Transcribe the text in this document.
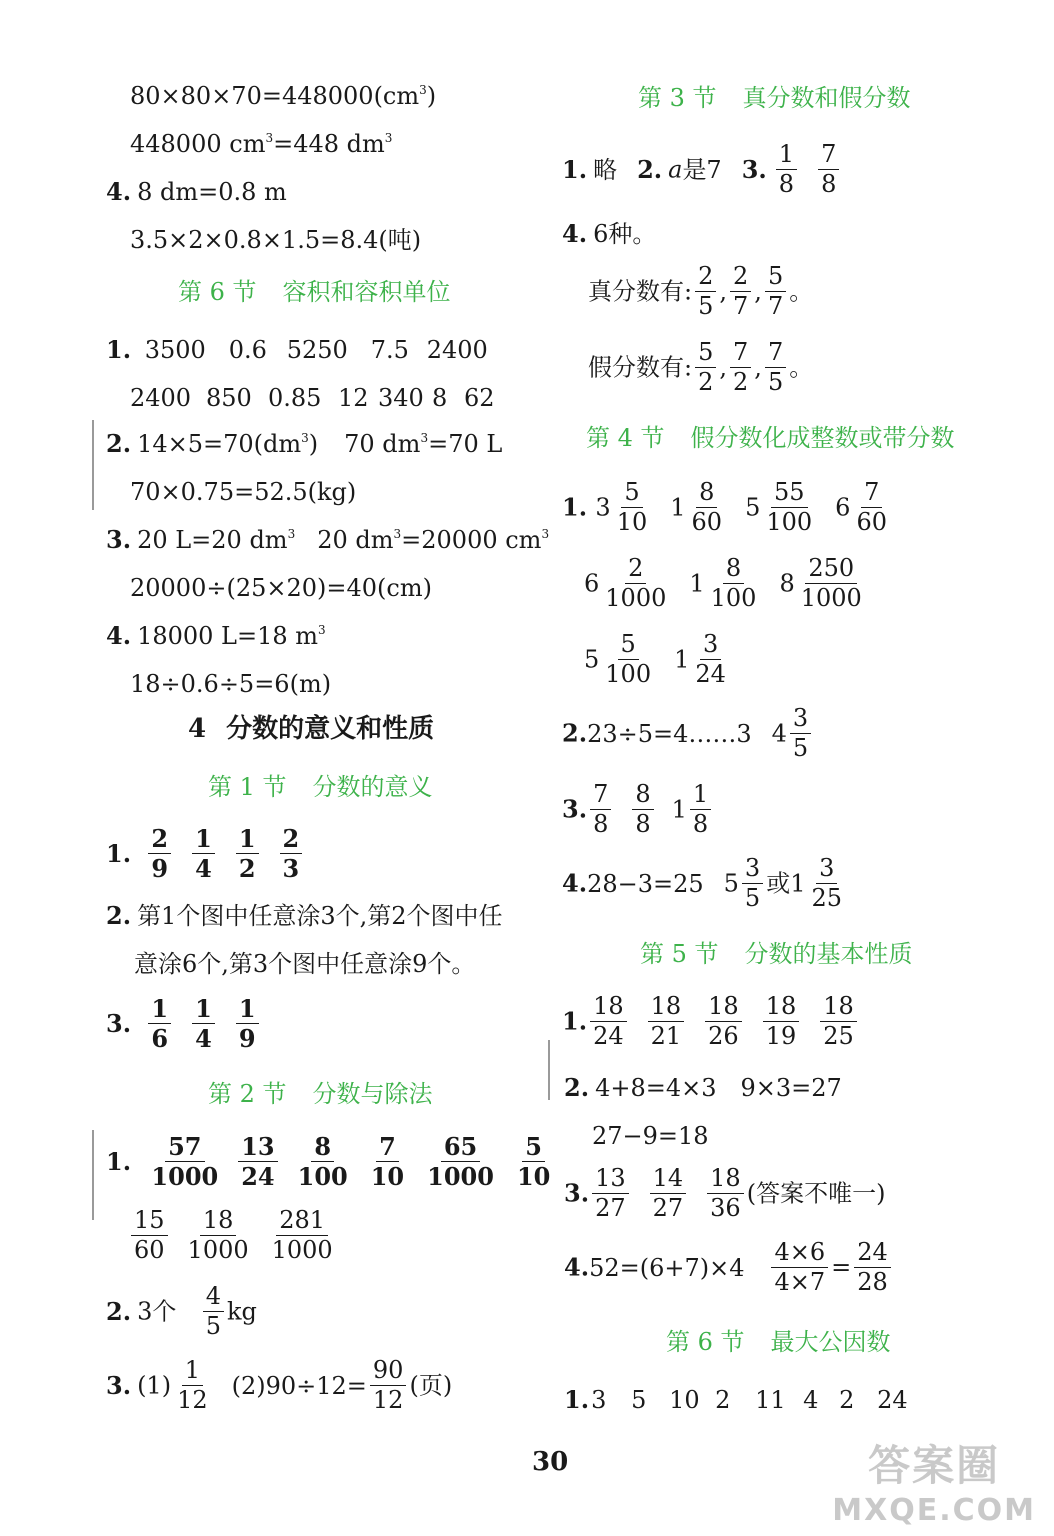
$80\times 80\times 70=448000(cm^3)$
448000 $cm^3=448$ $dm^3$
4. 8 dm=0.8 m
3.5×2×0.8×1.5=8.4(吨)
第 6 节 容积和容积单位
1. 3500 0.6 5250 7.5 2400
2400 850 0.85 12 340 8 62
2. $14\times 5=70(dm^3)$ 70 $dm^3=70$ L
70×0.75=52.5(kg)
3. 20 L=20 $dm^3$ 20 $dm^3=20000$ $cm^3$
20000÷(25×20)=40(cm)
4. 18000 L=18 $m^3$
18÷0.6÷5=6(m)
4 分数的意义和性质
第 1 节 分数的意义
1. $\frac{2}{9} \frac{1}{4} \frac{1}{2} \frac{2}{3}$
2. 第1个图中任意涂3个,第2个图中任
意涂6个,第3个图中任意涂9个。
3. $\frac{1}{6} \frac{1}{4} \frac{1}{9}$
第 2 节 分数与除法
1. $\frac{57}{1000} \frac{13}{24} \frac{8}{100} \frac{7}{10} \frac{65}{1000} \frac{5}{10}$
$\frac{15}{60} \frac{18}{1000} \frac{281}{1000}$
2. 3个 $\frac{4}{5}$ kg
3. $(1) \frac{1}{12} (2)90\div 12= \frac{90}{12}$ (页)
第 3 节 真分数和假分数
1. 略 2. a是7 3. $\frac{1}{8} \frac{7}{8}$
4. 6种。
真分数有: $\frac{2}{5}$ , $\frac{2}{7}$ , $\frac{5}{7}$ 。
假分数有: $\frac{5}{2}$ , $\frac{7}{2}$ , $\frac{7}{5}$ 。
第 4 节 假分数化成整数或带分数
1. $3 \frac{5}{10} 1 \frac{8}{60} 5 \frac{55}{100} 6 \frac{7}{60}$
$6 \frac{2}{1000} 1 \frac{8}{100} 8 \frac{250}{1000}$
$5 \frac{5}{100} 1 \frac{3}{24}$
2.23÷5=4……3 $4 \frac{3}{5}$
3. $\frac{7}{8} \frac{8}{8} 1 \frac{1}{8}$
4.28−3=25 $5 \frac{3}{5}$ 或$1 \frac{3}{25}$
第 5 节 分数的基本性质
1. $\frac{18}{24} \frac{18}{21} \frac{18}{26} \frac{18}{19} \frac{18}{25}$
2. 4+8=4×3 9×3=27
27−9=18
3. $\frac{13}{27} \frac{14}{27} \frac{18}{36}$ (答案不唯一)
$4.52=(6+7)\times 4 \frac{4\times 6}{4\times 7} = \frac{24}{28}$
第 6 节 最大公因数
1.3 5 10 2 11 4 2 24
30	答案圈
MXQE.COM
